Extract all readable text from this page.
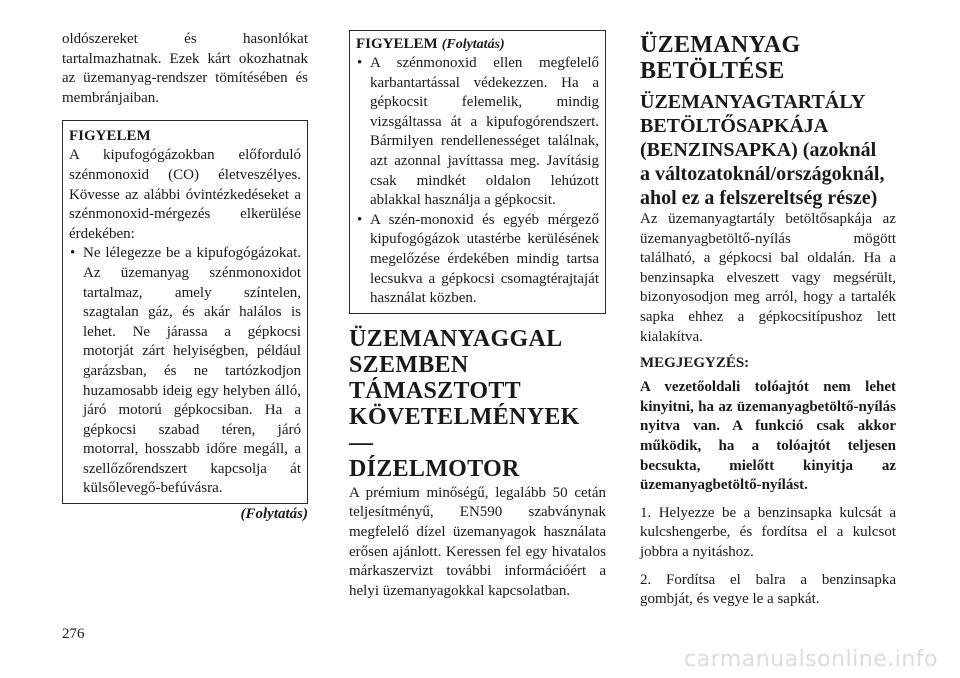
oldószereket és hasonlókat tartalmazhatnak. Ezek kárt okozhatnak az üzemanyag-rendszer tömítésében és membránjaiban.

FIGYELEM

A kipufogógázokban előforduló szénmonoxid (CO) életveszélyes. Kövesse az alábbi óvintézkedéseket a szénmonoxid-mérgezés elkerülése érdekében:

• Ne lélegezze be a kipufogógázokat. Az üzemanyag szénmonoxidot tartalmaz, amely színtelen, szagtalan gáz, és akár halálos is lehet. Ne járassa a gépkocsi motorját zárt helyiségben, például garázsban, és ne tartózkodjon huzamosabb ideig egy helyben álló, járó motorú gépkocsiban. Ha a gépkocsi szabad téren, járó motorral, hosszabb időre megáll, a szellőzőrendszert kapcsolja át külsőlevegő-befúvásra.
(Folytatás)

FIGYELEM (Folytatás)

• A szénmonoxid ellen megfelelő karbantartással védekezzen. Ha a gépkocsit felemelik, mindig vizsgáltassa át a kipufogórendszert. Bármilyen rendellenességet találnak, azt azonnal javíttassa meg. Javításig csak mindkét oldalon lehúzott ablakkal használja a gépkocsit.
• A szén-monoxid és egyéb mérgező kipufogógázok utastérbe kerülésének megelőzése érdekében mindig tartsa lecsukva a gépkocsi csomagtérajtaját használat közben.
ÜZEMANYAGGAL
SZEMBEN
TÁMASZTOTT
KÖVETELMÉNYEK —
DÍZELMOTOR

A prémium minőségű, legalább 50 cetán teljesítményű, EN590 szabványnak megfelelő dízel üzemanyagok használata erősen ajánlott. Keressen fel egy hivatalos márkaszervizt további információért a helyi üzemanyagokkal kapcsolatban.

ÜZEMANYAG
BETÖLTÉSE
ÜZEMANYAGTARTÁLY
BETÖLTŐSAPKÁJA
(BENZINSAPKA) (azoknál
a változatoknál/országoknál,
ahol ez a felszereltség része)

Az üzemanyagtartály betöltősapkája az üzemanyagbetöltő-nyílás mögött található, a gépkocsi bal oldalán. Ha a benzinsapka elveszett vagy megsérült, bizonyosodjon meg arról, hogy a tartalék sapka ehhez a gépkocsitípushoz lett kialakítva.

MEGJEGYZÉS:

A vezetőoldali tolóajtót nem lehet kinyitni, ha az üzemanyagbetöltő-nyílás nyitva van. A funkció csak akkor működik, ha a tolóajtót teljesen becsukta, mielőtt kinyitja az üzemanyagbetöltő-nyílást.

1. Helyezze be a benzinsapka kulcsát a kulcshengerbe, és fordítsa el a kulcsot jobbra a nyitáshoz.

2. Fordítsa el balra a benzinsapka gombját, és vegye le a sapkát.

276
carmanualsonline.info
